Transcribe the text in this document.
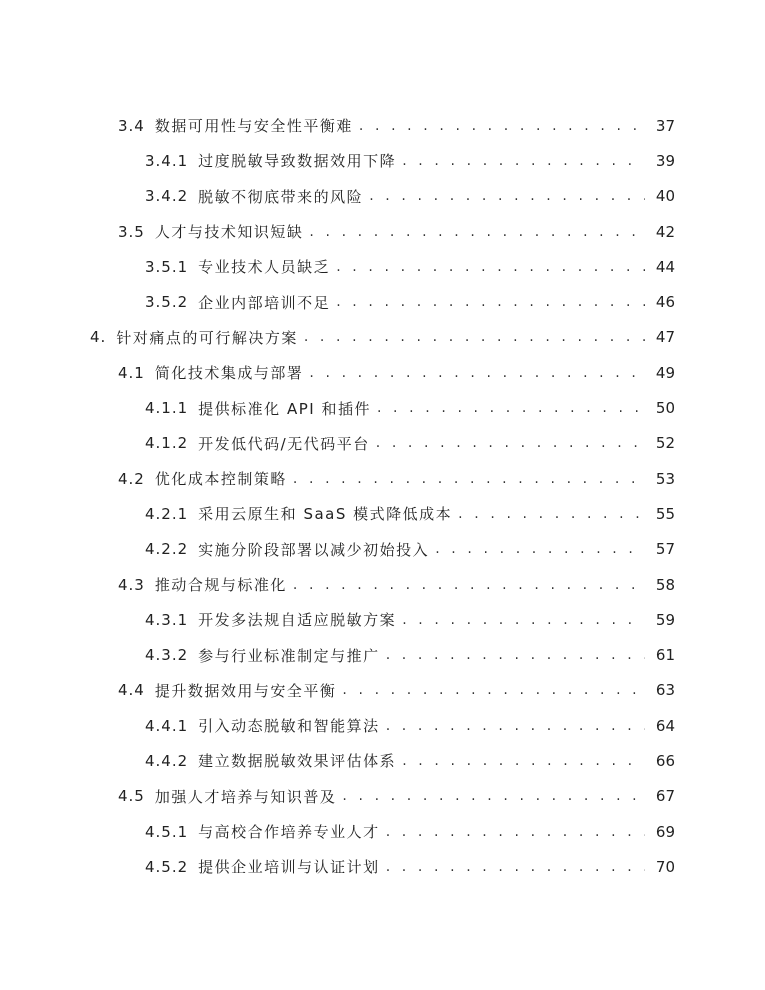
3.4 数据可用性与安全性平衡难 . . .	37
3.4.1 过度脱敏导致数据效用下降 . . .	39
3.4.2 脱敏不彻底带来的风险 . . .	40
3.5 人才与技术知识短缺 . . .	42
3.5.1 专业技术人员缺乏 . . .	44
3.5.2 企业内部培训不足 . . .	46
4. 针对痛点的可行解决方案 . . .	47
4.1 简化技术集成与部署 . . .	49
4.1.1 提供标准化 API 和插件 . . .	50
4.1.2 开发低代码/无代码平台 . . .	52
4.2 优化成本控制策略 . . .	53
4.2.1 采用云原生和 SaaS 模式降低成本 . . .	55
4.2.2 实施分阶段部署以减少初始投入 . . .	57
4.3 推动合规与标准化 . . .	58
4.3.1 开发多法规自适应脱敏方案 . . .	59
4.3.2 参与行业标准制定与推广 . . .	61
4.4 提升数据效用与安全平衡 . . .	63
4.4.1 引入动态脱敏和智能算法 . . .	64
4.4.2 建立数据脱敏效果评估体系 . . .	66
4.5 加强人才培养与知识普及 . . .	67
4.5.1 与高校合作培养专业人才 . . .	69
4.5.2 提供企业培训与认证计划 . . .	70
